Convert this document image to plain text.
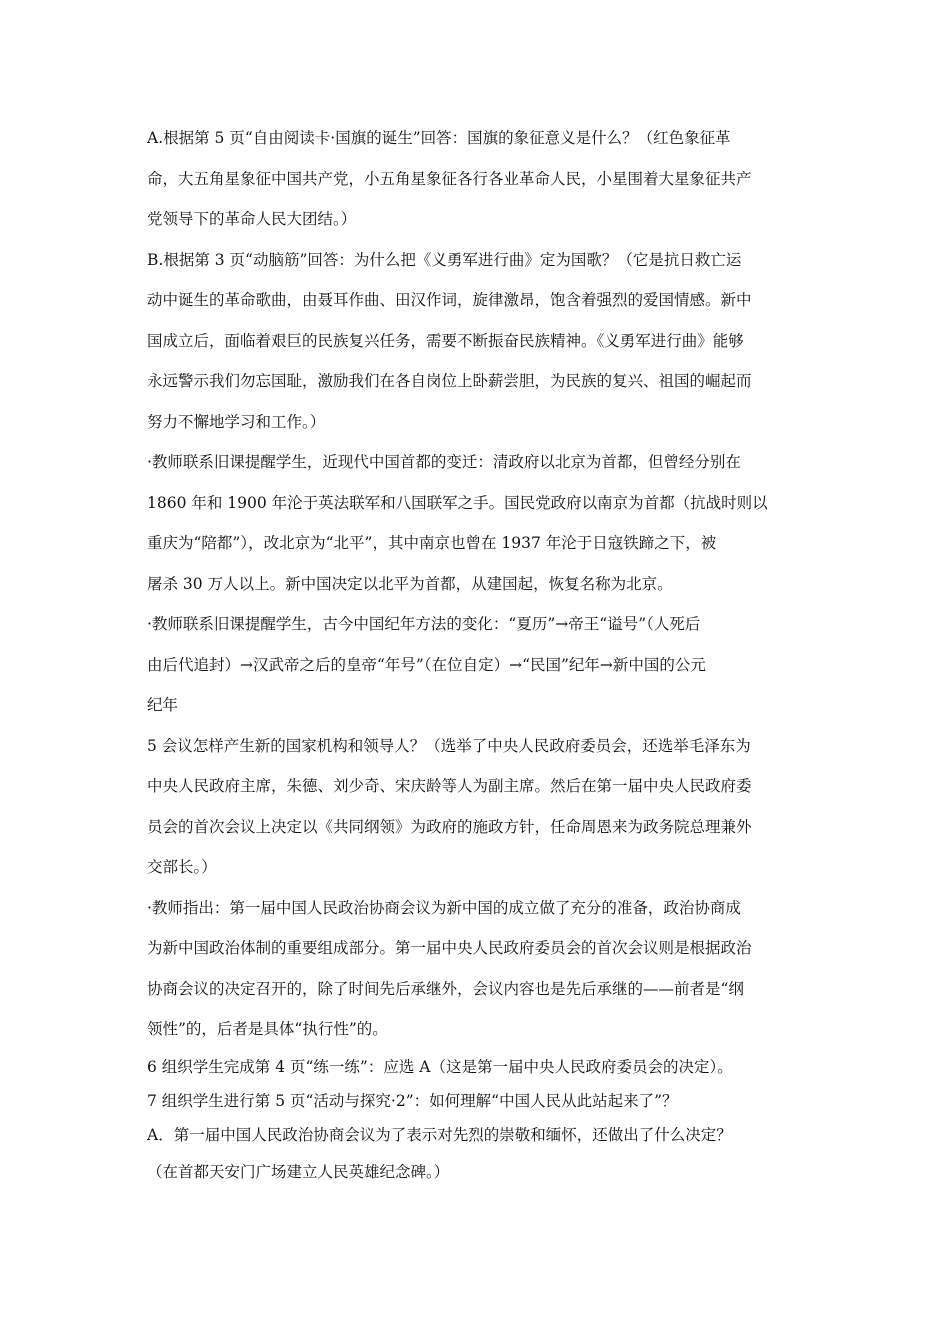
A.根据第 5 页“自由阅读卡·国旗的诞生”回答：国旗的象征意义是什么？（红色象征革
命，大五角星象征中国共产党，小五角星象征各行各业革命人民，小星围着大星象征共产
党领导下的革命人民大团结。）
B.根据第 3 页“动脑筋”回答：为什么把《义勇军进行曲》定为国歌？（它是抗日救亡运
动中诞生的革命歌曲，由聂耳作曲、田汉作词，旋律激昂，饱含着强烈的爱国情感。新中
国成立后，面临着艰巨的民族复兴任务，需要不断振奋民族精神。《义勇军进行曲》能够
永远警示我们勿忘国耻，激励我们在各自岗位上卧薪尝胆，为民族的复兴、祖国的崛起而
努力不懈地学习和工作。）
·教师联系旧课提醒学生，近现代中国首都的变迁：清政府以北京为首都，但曾经分别在
1860 年和 1900 年沦于英法联军和八国联军之手。国民党政府以南京为首都（抗战时则以
重庆为“陪都”），改北京为“北平”，其中南京也曾在 1937 年沦于日寇铁蹄之下，被
屠杀 30 万人以上。新中国决定以北平为首都，从建国起，恢复名称为北京。
·教师联系旧课提醒学生，古今中国纪年方法的变化：“夏历”→帝王“谥号”（人死后
由后代追封）→汉武帝之后的皇帝“年号”（在位自定）→“民国”纪年→新中国的公元
纪年
5 会议怎样产生新的国家机构和领导人？（选举了中央人民政府委员会，还选举毛泽东为
中央人民政府主席，朱德、刘少奇、宋庆龄等人为副主席。然后在第一届中央人民政府委
员会的首次会议上决定以《共同纲领》为政府的施政方针，任命周恩来为政务院总理兼外
交部长。）
·教师指出：第一届中国人民政治协商会议为新中国的成立做了充分的准备，政治协商成
为新中国政治体制的重要组成部分。第一届中央人民政府委员会的首次会议则是根据政治
协商会议的决定召开的，除了时间先后承继外，会议内容也是先后承继的——前者是“纲
领性”的，后者是具体“执行性”的。
6 组织学生完成第 4 页“练一练”：应选 A（这是第一届中央人民政府委员会的决定）。
7 组织学生进行第 5 页“活动与探究·2”：如何理解“中国人民从此站起来了”？
A．第一届中国人民政治协商会议为了表示对先烈的崇敬和缅怀，还做出了什么决定？
（在首都天安门广场建立人民英雄纪念碑。）
